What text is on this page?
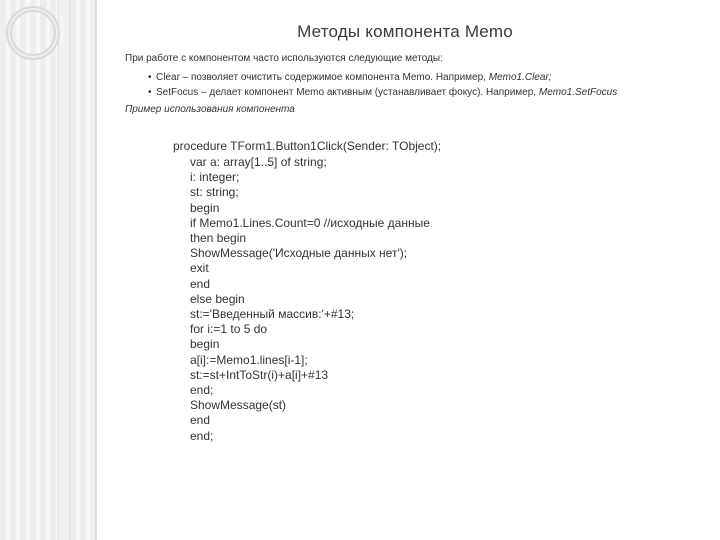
Методы компонента Memo
При работе с компонентом часто используются следующие методы:
• Clear – позволяет очистить содержимое компонента Memo. Например, Memo1.Clear;
• SetFocus – делает компонент Memo активным (устанавливает фокус). Например, Memo1.SetFocus
Пример использования компонента
procedure TForm1.Button1Click(Sender: TObject);
var a: array[1..5] of string;
i: integer;
st: string;
begin
if Memo1.Lines.Count=0 //исходные данные
then begin
ShowMessage('Исходные данных нет');
exit
end
else begin
st:='Введенный массив:'+#13;
for i:=1 to 5 do
begin
a[i]:=Memo1.lines[i-1];
st:=st+IntToStr(i)+a[i]+#13
end;
ShowMessage(st)
end
end;
